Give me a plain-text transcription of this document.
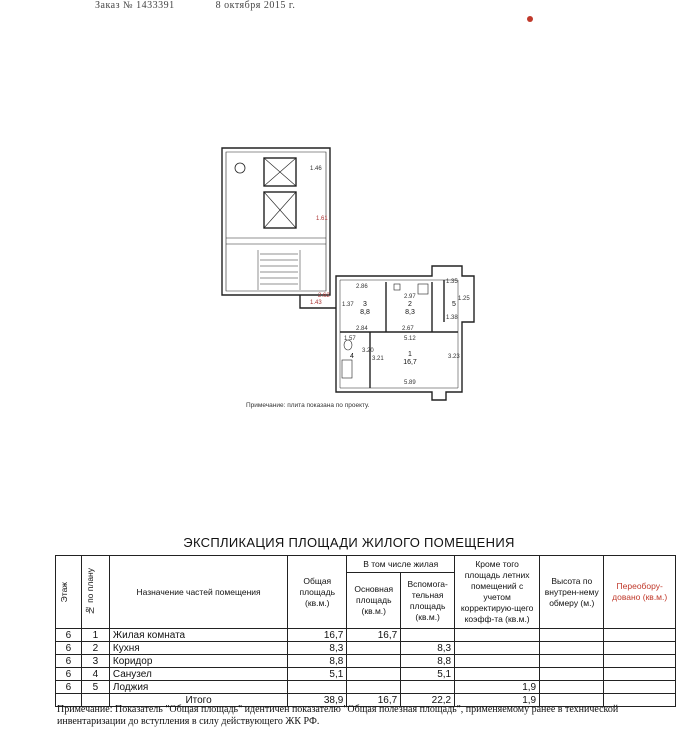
Заказ № 1433391	8 октября 2015 г.
1.46
1.61
1.43
2.62
2.86
2.97
1.35
1.25
1.38
1.37
2.84	2.67
5.12
1.57
3.20
3.21	3.23
5.89
3
8,8
2
8,3
5
4	1
16,7
Примечание: плита показана по проекту.
ЭКСПЛИКАЦИЯ ПЛОЩАДИ ЖИЛОГО ПОМЕЩЕНИЯ
Этаж	№ по плану	Назначение частей помещения	Общая площадь (кв.м.)	В том числе жилая		Кроме того площадь летних помещений с учетом корректирую-щего коэфф-та (кв.м.)	Высота по внутрен-нему обмеру (м.)	Переобору-довано (кв.м.)
				Основная площадь (кв.м.)	Вспомога-тельная площадь (кв.м.)			
6	1	Жилая комната	16,7	16,7				
6	2	Кухня	8,3		8,3			
6	3	Коридор	8,8		8,8			
6	4	Санузел	5,1		5,1			
6	5	Лоджия				1,9		
		Итого	38,9	16,7	22,2	1,9		
Примечание: Показатель "Общая площадь" идентичен показателю "Общая полезная площадь", применяемому ранее в технической инвентаризации до вступления в силу действующего ЖК РФ.
